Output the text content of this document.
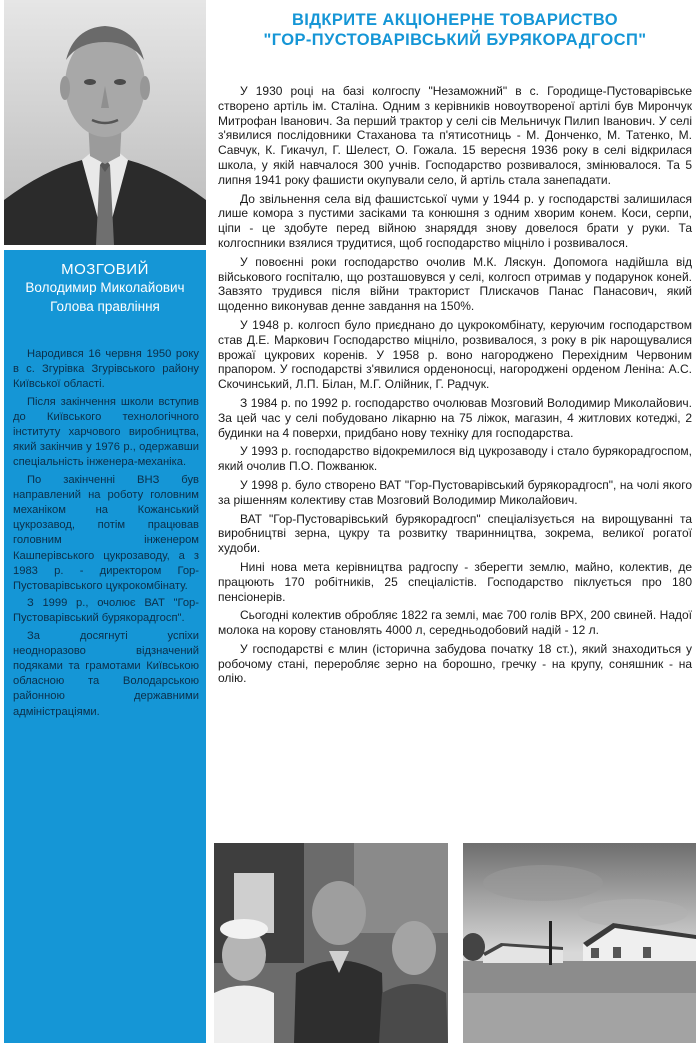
МОЗГОВИЙ
Володимир Миколайович
Голова правління

Народився 16 червня 1950 року в с. Згурівка Згурівського району Київської області.

Після закінчення школи вступив до Київського технологічного інституту харчового виробництва, який закінчив у 1976 р., одержавши спеціальність інженера-механіка.

По закінченні ВНЗ був направлений на роботу головним механіком на Кожанський цукрозавод, потім працював головним інженером Кашперівського цукрозаводу, а з 1983 р. - директором Гор-Пустоварівського цукрокомбінату.

З 1999 р., очолює ВАТ "Гор-Пустоварівський бурякорадгосп".

За досягнуті успіхи неодноразово відзначений подяками та грамотами Київською обласною та Володарською районною державними адміністраціями.

ВІДКРИТЕ АКЦІОНЕРНЕ ТОВАРИСТВО
"ГОР-ПУСТОВАРІВСЬКИЙ БУРЯКОРАДГОСП"

У 1930 році на базі колгоспу "Незаможний" в с. Городище-Пустоварівське створено артіль ім. Сталіна. Одним з керівників новоутвореної артілі був Мирончук Митрофан Іванович. За перший трактор у селі сів Мельничук Пилип Іванович. У селі з'явилися послідовники Стаханова та п'ятисотниць - М. Донченко, М. Татенко, М. Савчук, К. Гикачул, Г. Шелест, О. Гожала. 15 вересня 1936 року в селі відкрилася школа, у якій навчалося 300 учнів. Господарство розвивалося, змінювалося. Та 5 липня 1941 року фашисти окупували село, й артіль стала занепадати.

До звільнення села від фашистської чуми у 1944 р. у господарстві залишилася лише комора з пустими засіками та конюшня з одним хворим конем. Коси, серпи, ціпи - це здобуте перед війною знаряддя знову довелося брати у руки. Та колгоспники взялися трудитися, щоб господарство міцніло і розвивалося.

У повоєнні роки господарство очолив М.К. Ляскун. Допомога надійшла від військового госпіталю, що розташовувся у селі, колгосп отримав у подарунок коней. Завзято трудився після війни тракторист Плискачов Панас Панасович, який щоденно виконував денне завдання на 150%.

У 1948 р. колгосп було приєднано до цукрокомбінату, керуючим господарством став Д.Е. Маркович Господарство міцніло, розвивалося, з року в рік нарощувалися врожаї цукрових коренів. У 1958 р. воно нагороджено Перехідним Червоним прапором. У господарстві з'явилися орденоносці, нагороджені орденом Леніна: А.С. Скочинський, Л.П. Білан, М.Г. Олійник, Г. Радчук.

З 1984 р. по 1992 р. господарство очолював Мозговий Володимир Миколайович. За цей час у селі побудовано лікарню на 75 ліжок, магазин, 4 житлових котеджі, 2 будинки на 4 поверхи, придбано нову техніку для господарства.

У 1993 р. господарство відокремилося від цукрозаводу і стало бурякорадгоспом, який очолив П.О. Пожванюк.

У 1998 р. було створено ВАТ "Гор-Пустоварівський бурякорадгосп", на чолі якого за рішенням колективу став Мозговий Володимир Миколайович.

ВАТ "Гор-Пустоварівський бурякорадгосп" спеціалізується на вирощуванні та виробництві зерна, цукру та розвитку тваринництва, зокрема, великої рогатої худоби.

Нині нова мета керівництва радгоспу - зберегти землю, майно, колектив, де працюють 170 робітників, 25 спеціалістів. Господарство піклується про 180 пенсіонерів.

Сьогодні колектив обробляє 1822 га землі, має 700 голів ВРХ, 200 свиней. Надої молока на корову становлять 4000 л, середньодобовий надій - 12 л.

У господарстві є млин (історична забудова початку 18 ст.), який знаходиться у робочому стані, переробляє зерно на борошно, гречку - на крупу, соняшник - на олію.
